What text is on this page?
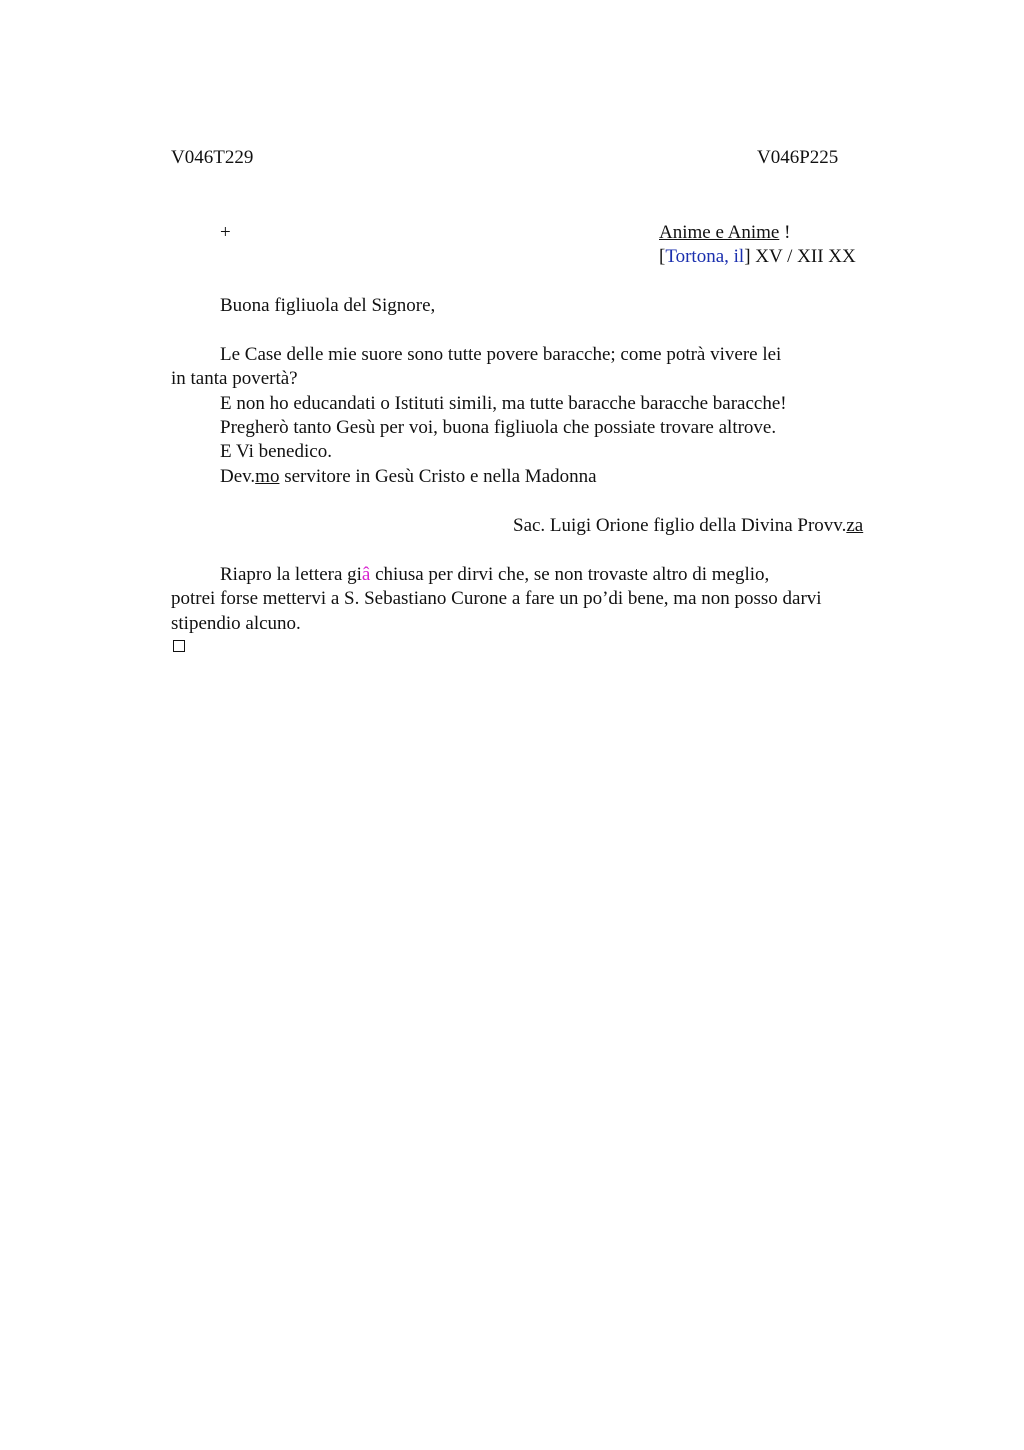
V046T229	V046P225
+	Anime e Anime !
[Tortona, il] XV / XII XX
Buona figliuola del Signore,
Le Case delle mie suore sono tutte povere baracche; come potrà vivere lei
in tanta povertà?
E non ho educandati o Istituti simili, ma tutte baracche baracche baracche!
Pregherò tanto Gesù per voi, buona figliuola che possiate trovare altrove.
E Vi benedico.
Dev.mo servitore in Gesù Cristo e nella Madonna
Sac. Luigi Orione figlio della Divina Provv.za
Riapro la lettera giâ chiusa per dirvi che, se non trovaste altro di meglio,
potrei forse mettervi a S. Sebastiano Curone a fare un po’di bene, ma non posso darvi
stipendio alcuno.
